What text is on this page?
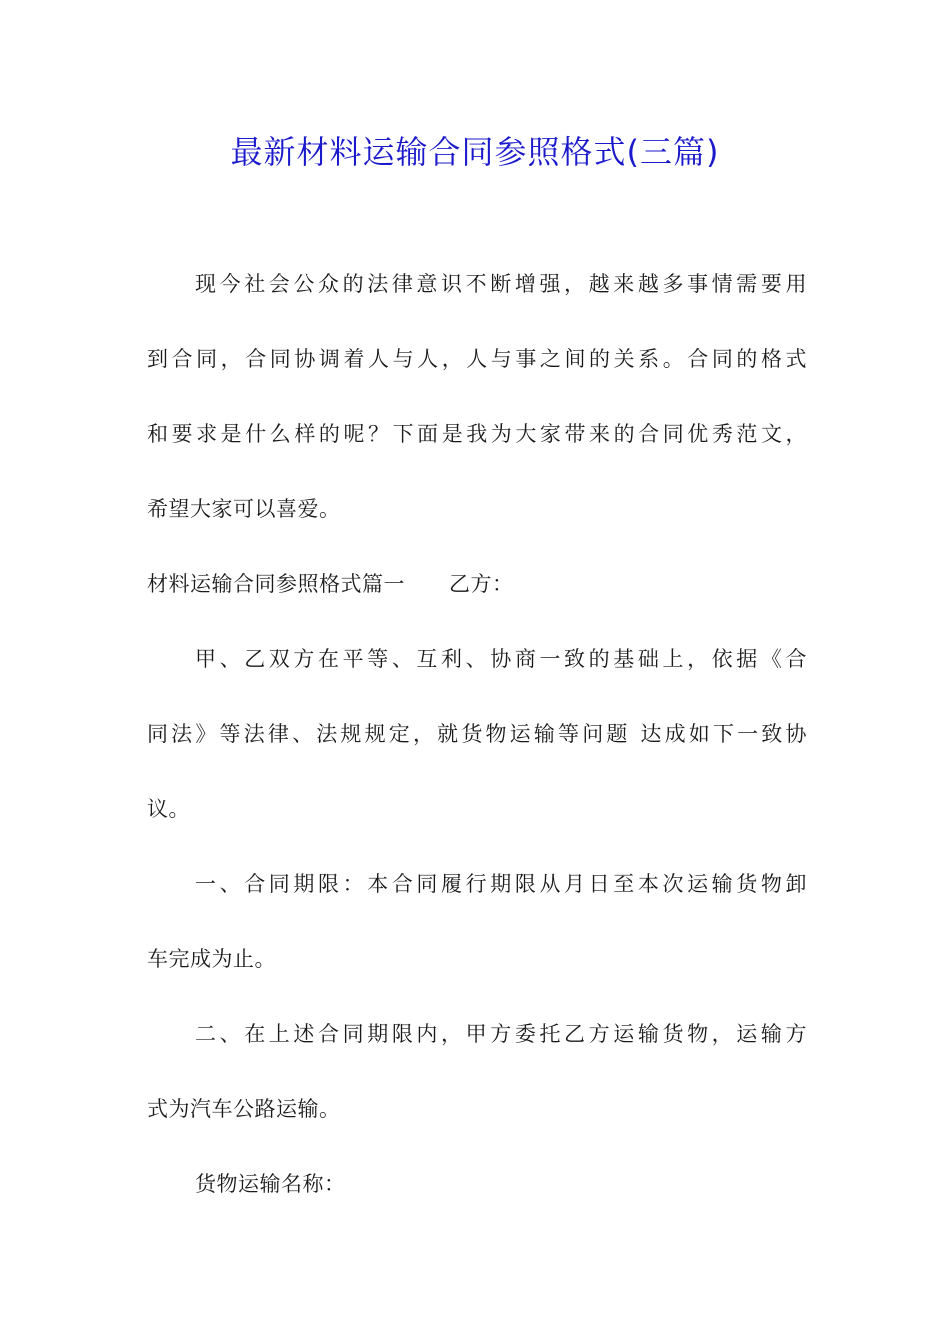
最新材料运输合同参照格式(三篇)

现今社会公众的法律意识不断增强，越来越多事情需要用

到合同，合同协调着人与人，人与事之间的关系。合同的格式

和要求是什么样的呢？下面是我为大家带来的合同优秀范文，

希望大家可以喜爱。

材料运输合同参照格式篇一 乙方：

甲、乙双方在平等、互利、协商一致的基础上，依据《合

同法》等法律、法规规定，就货物运输等问题 达成如下一致协

议。

一、合同期限：本合同履行期限从月日至本次运输货物卸

车完成为止。

二、在上述合同期限内，甲方委托乙方运输货物，运输方

式为汽车公路运输。

货物运输名称：
